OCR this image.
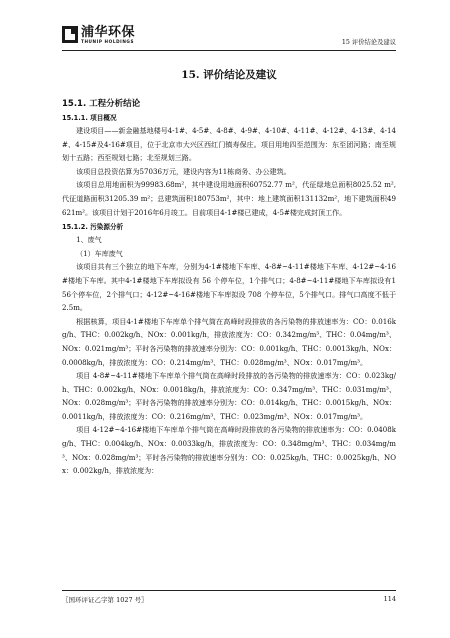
浦华环保
THUNIP HOLDINGS	15 评价结论及建议
15. 评价结论及建议
15.1. 工程分析结论
15.1.1. 项目概况

建设项目——新金融基地楼号4-1#、4-5#、4-8#、4-9#、4-10#、4-11#、4-12#、4-13#、4-14#、4-15#及4-16#项目，位于北京市大兴区西红门镇寿保庄。项目用地四至范围为：东至团河路；南至规划十五路；西至规划七路；北至规划三路。

该项目总投资估算为57036万元，建设内容为11栋商务、办公建筑。

该项目总用地面积为99983.68m²，其中建设用地面积60752.77 m²，代征绿地总面积8025.52 m²,代征道路面积31205.39 m²；总建筑面积180753m²，其中：地上建筑面积131132m²，地下建筑面积49621m²。该项目计划于2016年6月竣工。目前项目4-1#楼已建成，4-5#楼完成封顶工作。

15.1.2. 污染源分析

1、废气

（1）车库废气

该项目共有三个独立的地下车库，分别为4-1#楼地下车库、4-8#~4-11#楼地下车库、4-12#~4-16#楼地下车库。其中4-1#楼地下车库拟设有 56 个停车位，1个排气口；4-8#~4-11#楼地下车库拟设有156个停车位，2个排气口；4-12#~4-16#楼地下车库拟设 708 个停车位，5个排气口。排气口高度不低于 2.5m。

根据核算，项目4-1#楼地下车库单个排气筒在高峰时段排放的各污染物的排放速率为：CO：0.016kg/h、THC：0.002kg/h、NOx：0.001kg/h，排放浓度为：CO：0.342mg/m³、THC：0.04mg/m³、NOx：0.021mg/m³；平时各污染物的排放速率分别为：CO：0.001kg/h、THC：0.0013kg/h、NOx：0.0008kg/h，排放浓度为：CO：0.214mg/m³、THC：0.028mg/m³、NOx：0.017mg/m³。

项目 4-8#~4-11#楼地下车库单个排气筒在高峰时段排放的各污染物的排放速率为：CO：0.023kg/h、THC：0.002kg/h、NOx：0.0018kg/h，排放浓度为：CO：0.347mg/m³、THC：0.031mg/m³、NOx：0.028mg/m³；平时各污染物的排放速率分别为：CO：0.014kg/h、THC：0.0015kg/h、NOx：0.0011kg/h，排放浓度为：CO：0.216mg/m³、THC：0.023mg/m³、NOx：0.017mg/m³。

项目 4-12#~4-16#楼地下车库单个排气筒在高峰时段排放的各污染物的排放速率为：CO：0.0408kg/h、THC：0.004kg/h、NOx：0.0033kg/h，排放浓度为：CO：0.348mg/m³、THC：0.034mg/m³、NOx：0.028mg/m³；平时各污染物的排放速率分别为：CO：0.025kg/h、THC：0.0025kg/h、NOx：0.002kg/h，排放浓度为：

〖国环评证乙字第 1027 号〗	114
